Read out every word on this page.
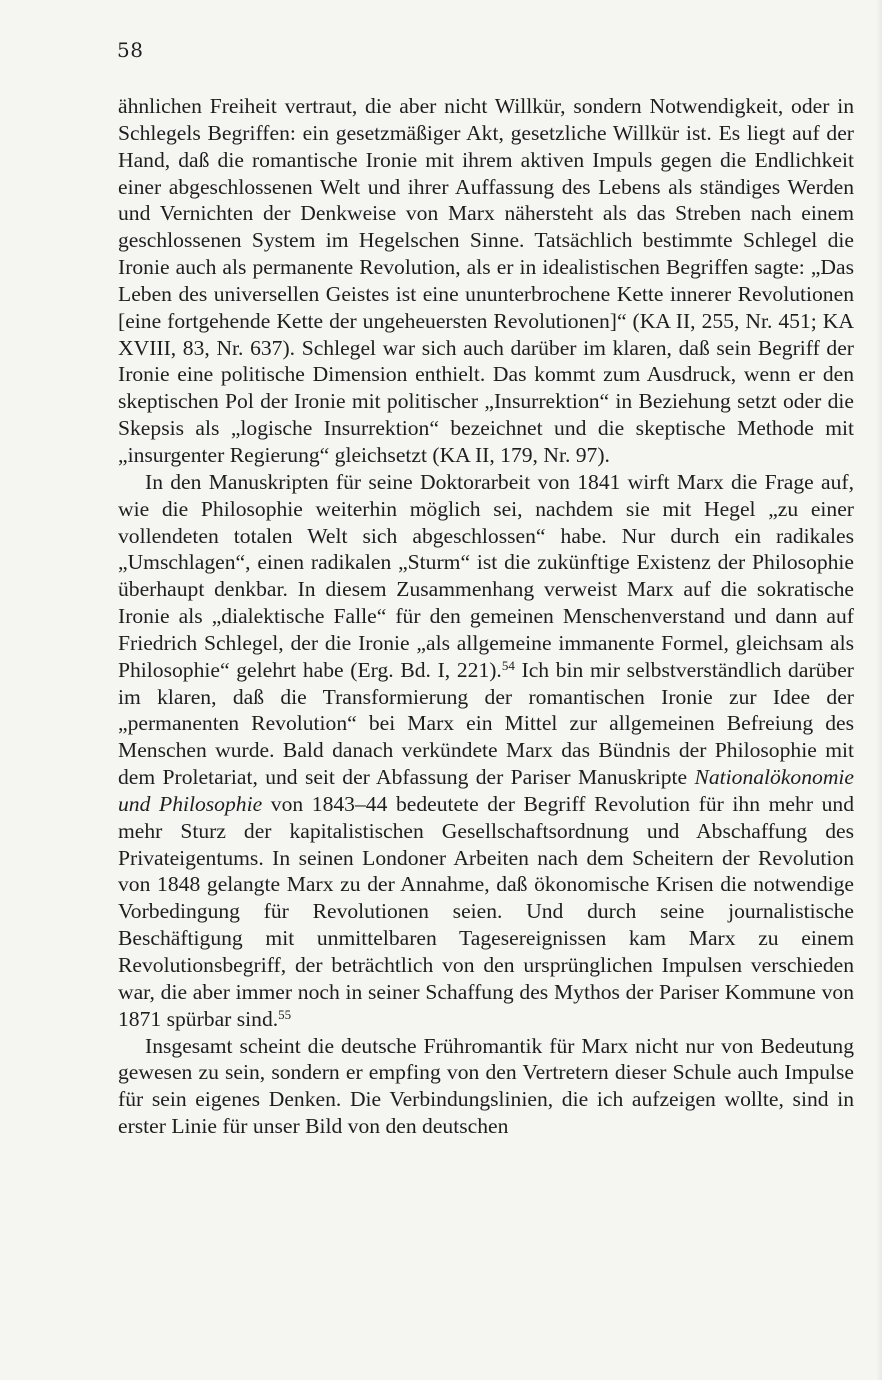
58

ähnlichen Freiheit vertraut, die aber nicht Willkür, sondern Notwendigkeit, oder in Schlegels Begriffen: ein gesetzmäßiger Akt, gesetzliche Willkür ist. Es liegt auf der Hand, daß die romantische Ironie mit ihrem aktiven Impuls gegen die Endlichkeit einer abgeschlossenen Welt und ihrer Auffassung des Lebens als ständiges Werden und Vernichten der Denkweise von Marx nähersteht als das Streben nach einem geschlossenen System im Hegelschen Sinne. Tatsächlich bestimmte Schlegel die Ironie auch als permanente Revolution, als er in idealistischen Begriffen sagte: „Das Leben des universellen Geistes ist eine ununterbrochene Kette innerer Revolutionen [eine fortgehende Kette der ungeheuersten Revolutionen]“ (KA II, 255, Nr. 451; KA XVIII, 83, Nr. 637). Schlegel war sich auch darüber im klaren, daß sein Begriff der Ironie eine politische Dimension enthielt. Das kommt zum Ausdruck, wenn er den skeptischen Pol der Ironie mit politischer „Insurrektion“ in Beziehung setzt oder die Skepsis als „logische Insurrektion“ bezeichnet und die skeptische Methode mit „insurgenter Regierung“ gleichsetzt (KA II, 179, Nr. 97).

In den Manuskripten für seine Doktorarbeit von 1841 wirft Marx die Frage auf, wie die Philosophie weiterhin möglich sei, nachdem sie mit Hegel „zu einer vollendeten totalen Welt sich abgeschlossen“ habe. Nur durch ein radikales „Umschlagen“, einen radikalen „Sturm“ ist die zukünftige Existenz der Philosophie überhaupt denkbar. In diesem Zusammenhang verweist Marx auf die sokratische Ironie als „dialektische Falle“ für den gemeinen Menschenverstand und dann auf Friedrich Schlegel, der die Ironie „als allgemeine immanente Formel, gleichsam als Philosophie“ gelehrt habe (Erg. Bd. I, 221).$^{54}$ Ich bin mir selbstverständlich darüber im klaren, daß die Transformierung der romantischen Ironie zur Idee der „permanenten Revolution“ bei Marx ein Mittel zur allgemeinen Befreiung des Menschen wurde. Bald danach verkündete Marx das Bündnis der Philosophie mit dem Proletariat, und seit der Abfassung der Pariser Manuskripte Nationalökonomie und Philosophie von 1843–44 bedeutete der Begriff Revolution für ihn mehr und mehr Sturz der kapitalistischen Gesellschaftsordnung und Abschaffung des Privateigentums. In seinen Londoner Arbeiten nach dem Scheitern der Revolution von 1848 gelangte Marx zu der Annahme, daß ökonomische Krisen die notwendige Vorbedingung für Revolutionen seien. Und durch seine journalistische Beschäftigung mit unmittelbaren Tagesereignissen kam Marx zu einem Revolutionsbegriff, der beträchtlich von den ursprünglichen Impulsen verschieden war, die aber immer noch in seiner Schaffung des Mythos der Pariser Kommune von 1871 spürbar sind.$^{55}$

Insgesamt scheint die deutsche Frühromantik für Marx nicht nur von Bedeutung gewesen zu sein, sondern er empfing von den Vertretern dieser Schule auch Impulse für sein eigenes Denken. Die Verbindungslinien, die ich aufzeigen wollte, sind in erster Linie für unser Bild von den deutschen
